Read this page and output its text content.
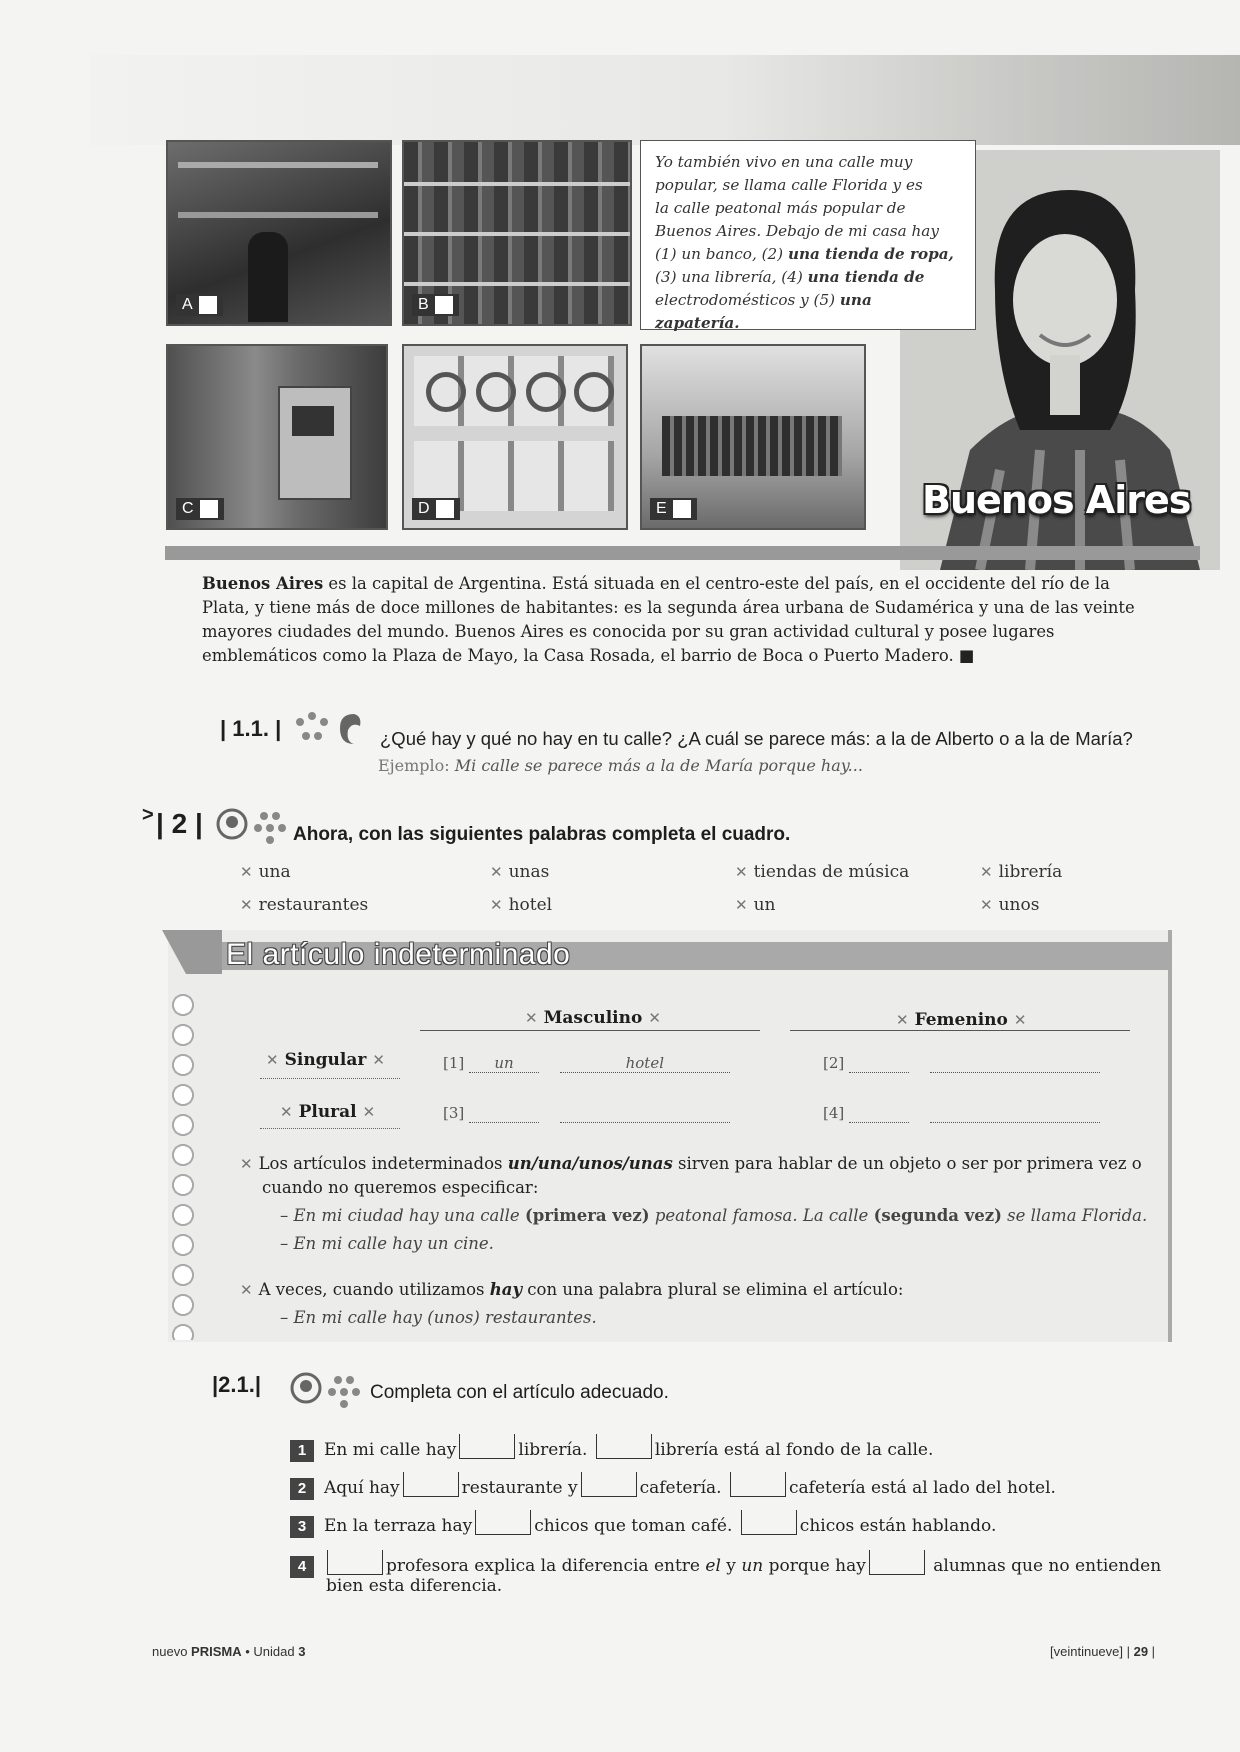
A	B
C	D	E
Yo también vivo en una calle muy
popular, se llama calle Florida y es
la calle peatonal más popular de
Buenos Aires. Debajo de mi casa hay
(1) un banco, (2) una tienda de ropa,
(3) una librería, (4) una tienda de
electrodomésticos y (5) una zapatería.
Buenos Aires
Buenos Aires es la capital de Argentina. Está situada en el centro-este del país, en el occidente del río de la Plata, y tiene más de doce millones de habitantes: es la segunda área urbana de Sudamérica y una de las veinte mayores ciudades del mundo. Buenos Aires es conocida por su gran actividad cultural y posee lugares emblemáticos como la Plaza de Mayo, la Casa Rosada, el barrio de Boca o Puerto Madero. ■
| 1.1. |	¿Qué hay y qué no hay en tu calle? ¿A cuál se parece más: a la de Alberto o a la de María?
Ejemplo: Mi calle se parece más a la de María porque hay...
> | 2 |	Ahora, con las siguientes palabras completa el cuadro.
✕ una	✕ unas	✕ tiendas de música	✕ librería
✕ restaurantes	✕ hotel	✕ un	✕ unos
El artículo indeterminado
✕ Masculino ✕	✕ Femenino ✕
✕ Singular ✕	[1] un	hotel	[2]
✕ Plural ✕	[3]	[4]
✕ Los artículos indeterminados un/una/unos/unas sirven para hablar de un objeto o ser por primera vez o cuando no queremos especificar:
– En mi ciudad hay una calle (primera vez) peatonal famosa. La calle (segunda vez) se llama Florida.
– En mi calle hay un cine.
✕ A veces, cuando utilizamos hay con una palabra plural se elimina el artículo:
– En mi calle hay (unos) restaurantes.
|2.1.|	Completa con el artículo adecuado.
1 En mi calle hay	librería.	librería está al fondo de la calle.
2 Aquí hay	restaurante y	cafetería.	cafetería está al lado del hotel.
3 En la terraza hay	chicos que toman café.	chicos están hablando.
4	profesora explica la diferencia entre el y un porque hay	alumnas que no entienden
bien esta diferencia.
nuevo PRISMA • Unidad 3	[veintinueve] | 29 |
